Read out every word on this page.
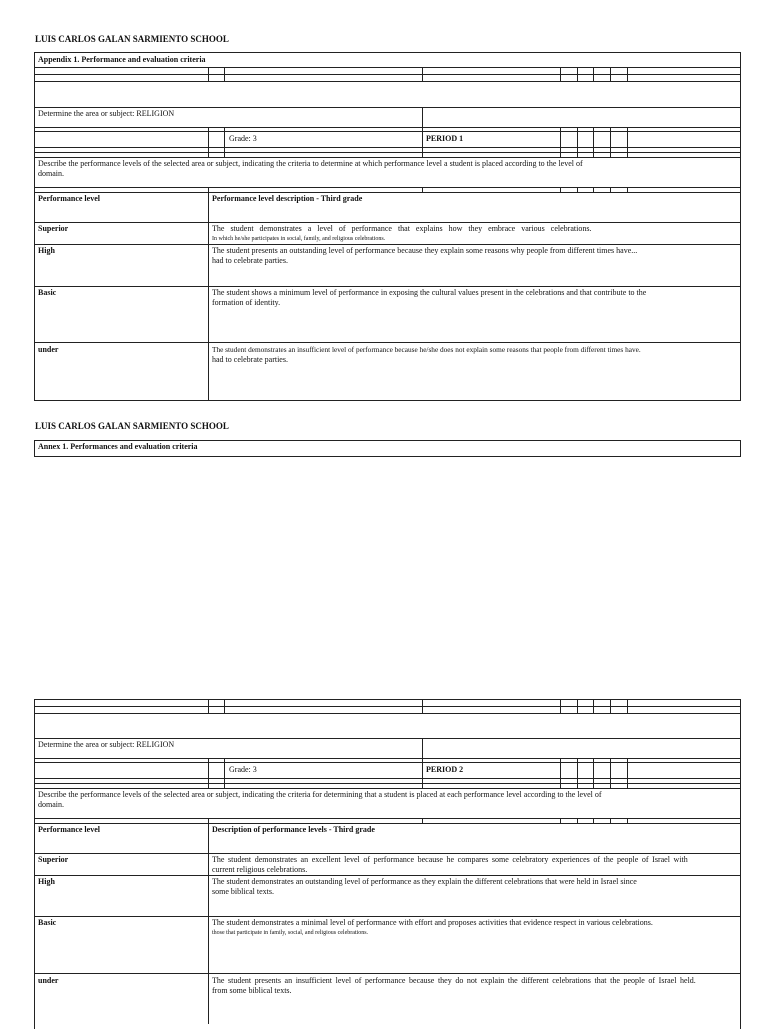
LUIS CARLOS GALAN SARMIENTO SCHOOL
Appendix 1. Performance and evaluation criteria
Determine the area or subject: RELIGION
Grade: 3	PERIOD 1
Describe the performance levels of the selected area or subject, indicating the criteria to determine at which performance level a student is placed according to the level of
domain.
Performance level	Performance level description - Third grade
Superior	The student demonstrates a level of performance that explains how they embrace various celebrations.
In which he/she participates in social, family, and religious celebrations.
High	The student presents an outstanding level of performance because they explain some reasons why people from different times have...
had to celebrate parties.
Basic	The student shows a minimum level of performance in exposing the cultural values present in the celebrations and that contribute to the
formation of identity.
under	The student demonstrates an insufficient level of performance because he/she does not explain some reasons that people from different times have.
had to celebrate parties.
LUIS CARLOS GALAN SARMIENTO SCHOOL
Annex 1. Performances and evaluation criteria
Determine the area or subject: RELIGION
Grade: 3	PERIOD 2
Describe the performance levels of the selected area or subject, indicating the criteria for determining that a student is placed at each performance level according to the level of
domain.
Performance level	Description of performance levels - Third grade
Superior	The student demonstrates an excellent level of performance because he compares some celebratory experiences of the people of Israel with
current religious celebrations.
High	The student demonstrates an outstanding level of performance as they explain the different celebrations that were held in Israel since
some biblical texts.
Basic	The student demonstrates a minimal level of performance with effort and proposes activities that evidence respect in various celebrations.
those that participate in family, social, and religious celebrations.
under	The student presents an insufficient level of performance because they do not explain the different celebrations that the people of Israel held.
from some biblical texts.
